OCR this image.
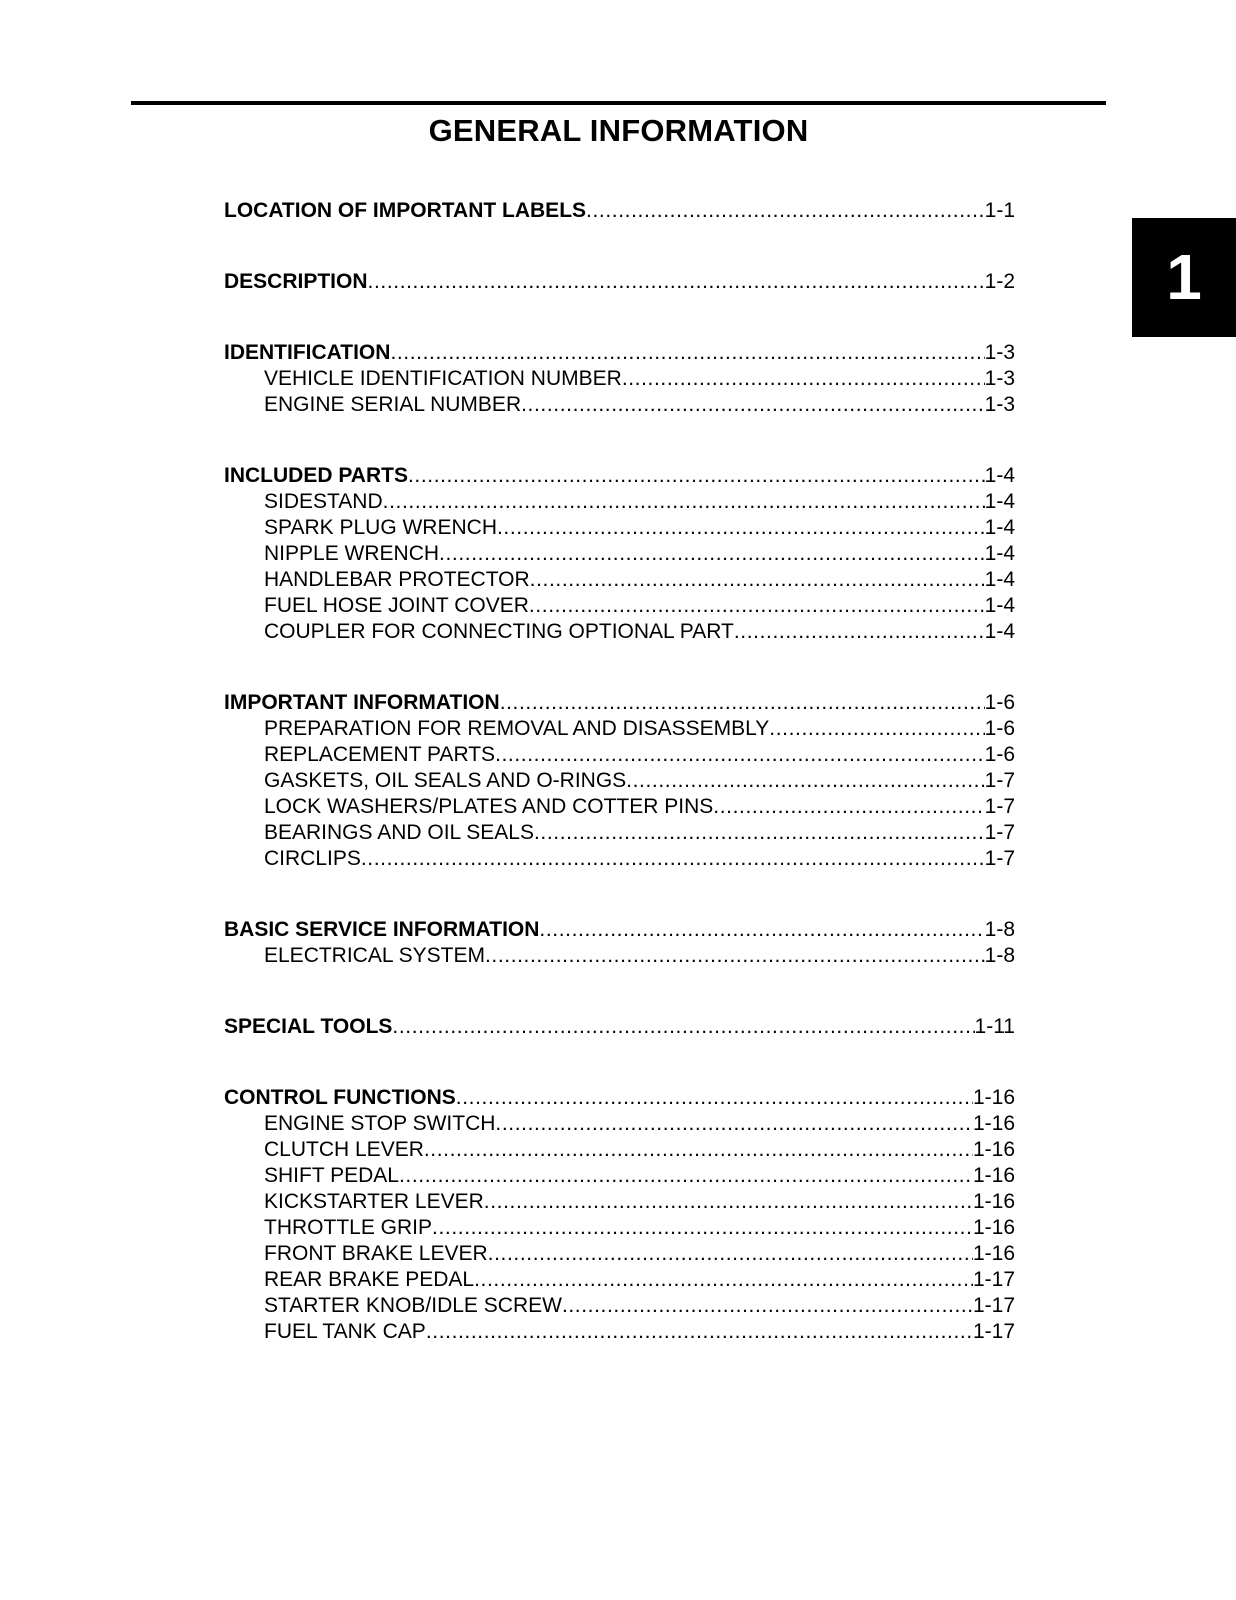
GENERAL INFORMATION
1
LOCATION OF IMPORTANT LABELS .....	1-1
DESCRIPTION .....	1-2
IDENTIFICATION .....	1-3
VEHICLE IDENTIFICATION NUMBER .....	1-3
ENGINE SERIAL NUMBER .....	1-3
INCLUDED PARTS .....	1-4
SIDESTAND .....	1-4
SPARK PLUG WRENCH .....	1-4
NIPPLE WRENCH .....	1-4
HANDLEBAR PROTECTOR .....	1-4
FUEL HOSE JOINT COVER .....	1-4
COUPLER FOR CONNECTING OPTIONAL PART .....	1-4
IMPORTANT INFORMATION .....	1-6
PREPARATION FOR REMOVAL AND DISASSEMBLY .....	1-6
REPLACEMENT PARTS .....	1-6
GASKETS, OIL SEALS AND O-RINGS .....	1-7
LOCK WASHERS/PLATES AND COTTER PINS .....	1-7
BEARINGS AND OIL SEALS .....	1-7
CIRCLIPS .....	1-7
BASIC SERVICE INFORMATION .....	1-8
ELECTRICAL SYSTEM .....	1-8
SPECIAL TOOLS .....	1-11
CONTROL FUNCTIONS .....	1-16
ENGINE STOP SWITCH .....	1-16
CLUTCH LEVER .....	1-16
SHIFT PEDAL .....	1-16
KICKSTARTER LEVER .....	1-16
THROTTLE GRIP .....	1-16
FRONT BRAKE LEVER .....	1-16
REAR BRAKE PEDAL .....	1-17
STARTER KNOB/IDLE SCREW .....	1-17
FUEL TANK CAP .....	1-17
